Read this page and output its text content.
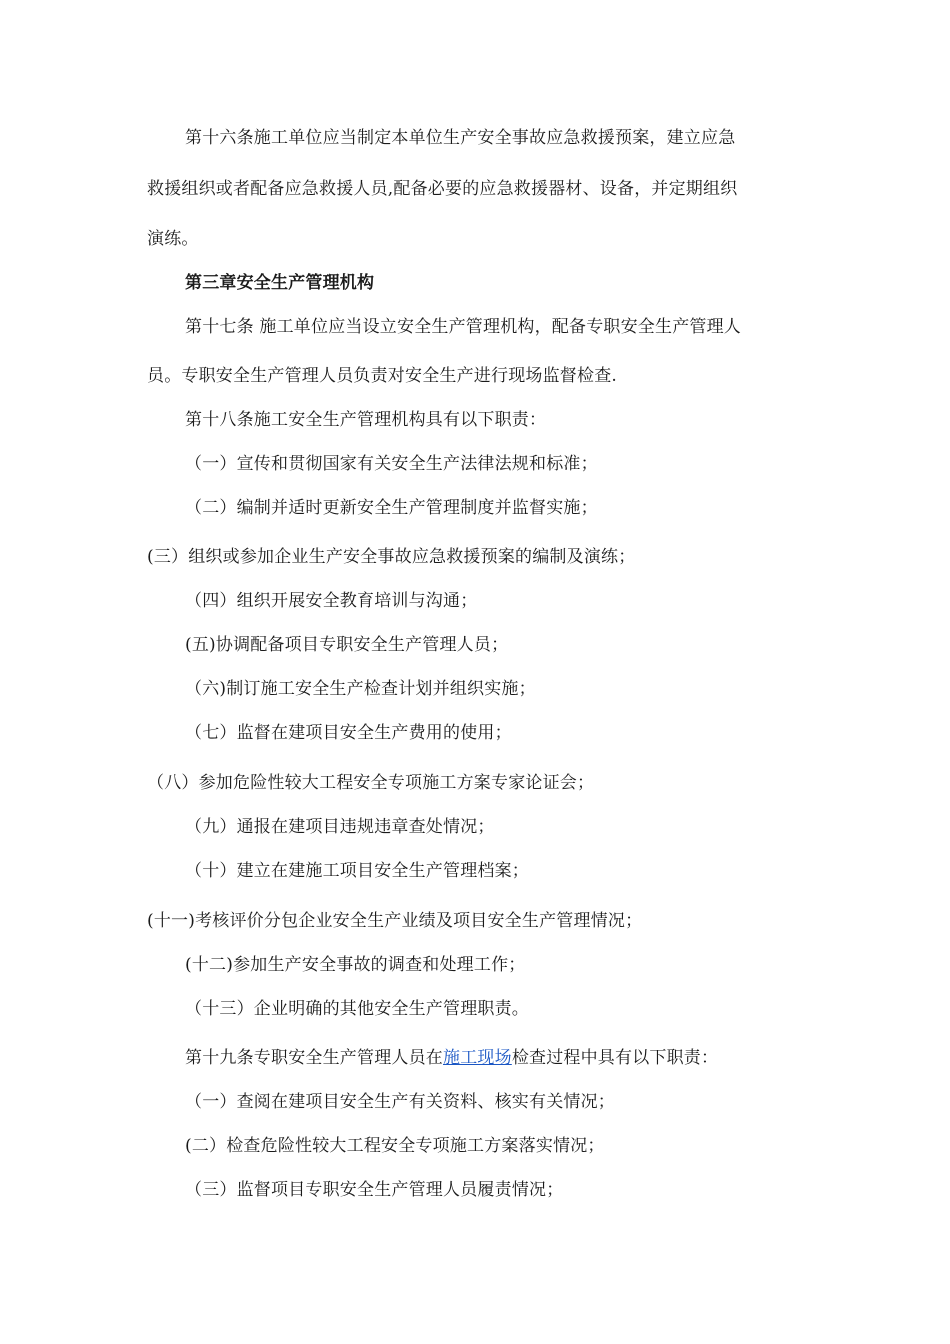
第十六条施工单位应当制定本单位生产安全事故应急救援预案，建立应急
救援组织或者配备应急救援人员,配备必要的应急救援器材、设备，并定期组织
演练。
第三章安全生产管理机构
第十七条 施工单位应当设立安全生产管理机构，配备专职安全生产管理人
员。专职安全生产管理人员负责对安全生产进行现场监督检查.
第十八条施工安全生产管理机构具有以下职责：
（一）宣传和贯彻国家有关安全生产法律法规和标准；
（二）编制并适时更新安全生产管理制度并监督实施；
(三）组织或参加企业生产安全事故应急救援预案的编制及演练；
（四）组织开展安全教育培训与沟通；
(五)协调配备项目专职安全生产管理人员；
（六)制订施工安全生产检查计划并组织实施；
（七）监督在建项目安全生产费用的使用；
（八）参加危险性较大工程安全专项施工方案专家论证会；
（九）通报在建项目违规违章查处情况；
（十）建立在建施工项目安全生产管理档案；
(十一)考核评价分包企业安全生产业绩及项目安全生产管理情况；
(十二)参加生产安全事故的调查和处理工作；
（十三）企业明确的其他安全生产管理职责。
第十九条专职安全生产管理人员在施工现场检查过程中具有以下职责：
（一）查阅在建项目安全生产有关资料、核实有关情况；
(二）检查危险性较大工程安全专项施工方案落实情况；
（三）监督项目专职安全生产管理人员履责情况；
